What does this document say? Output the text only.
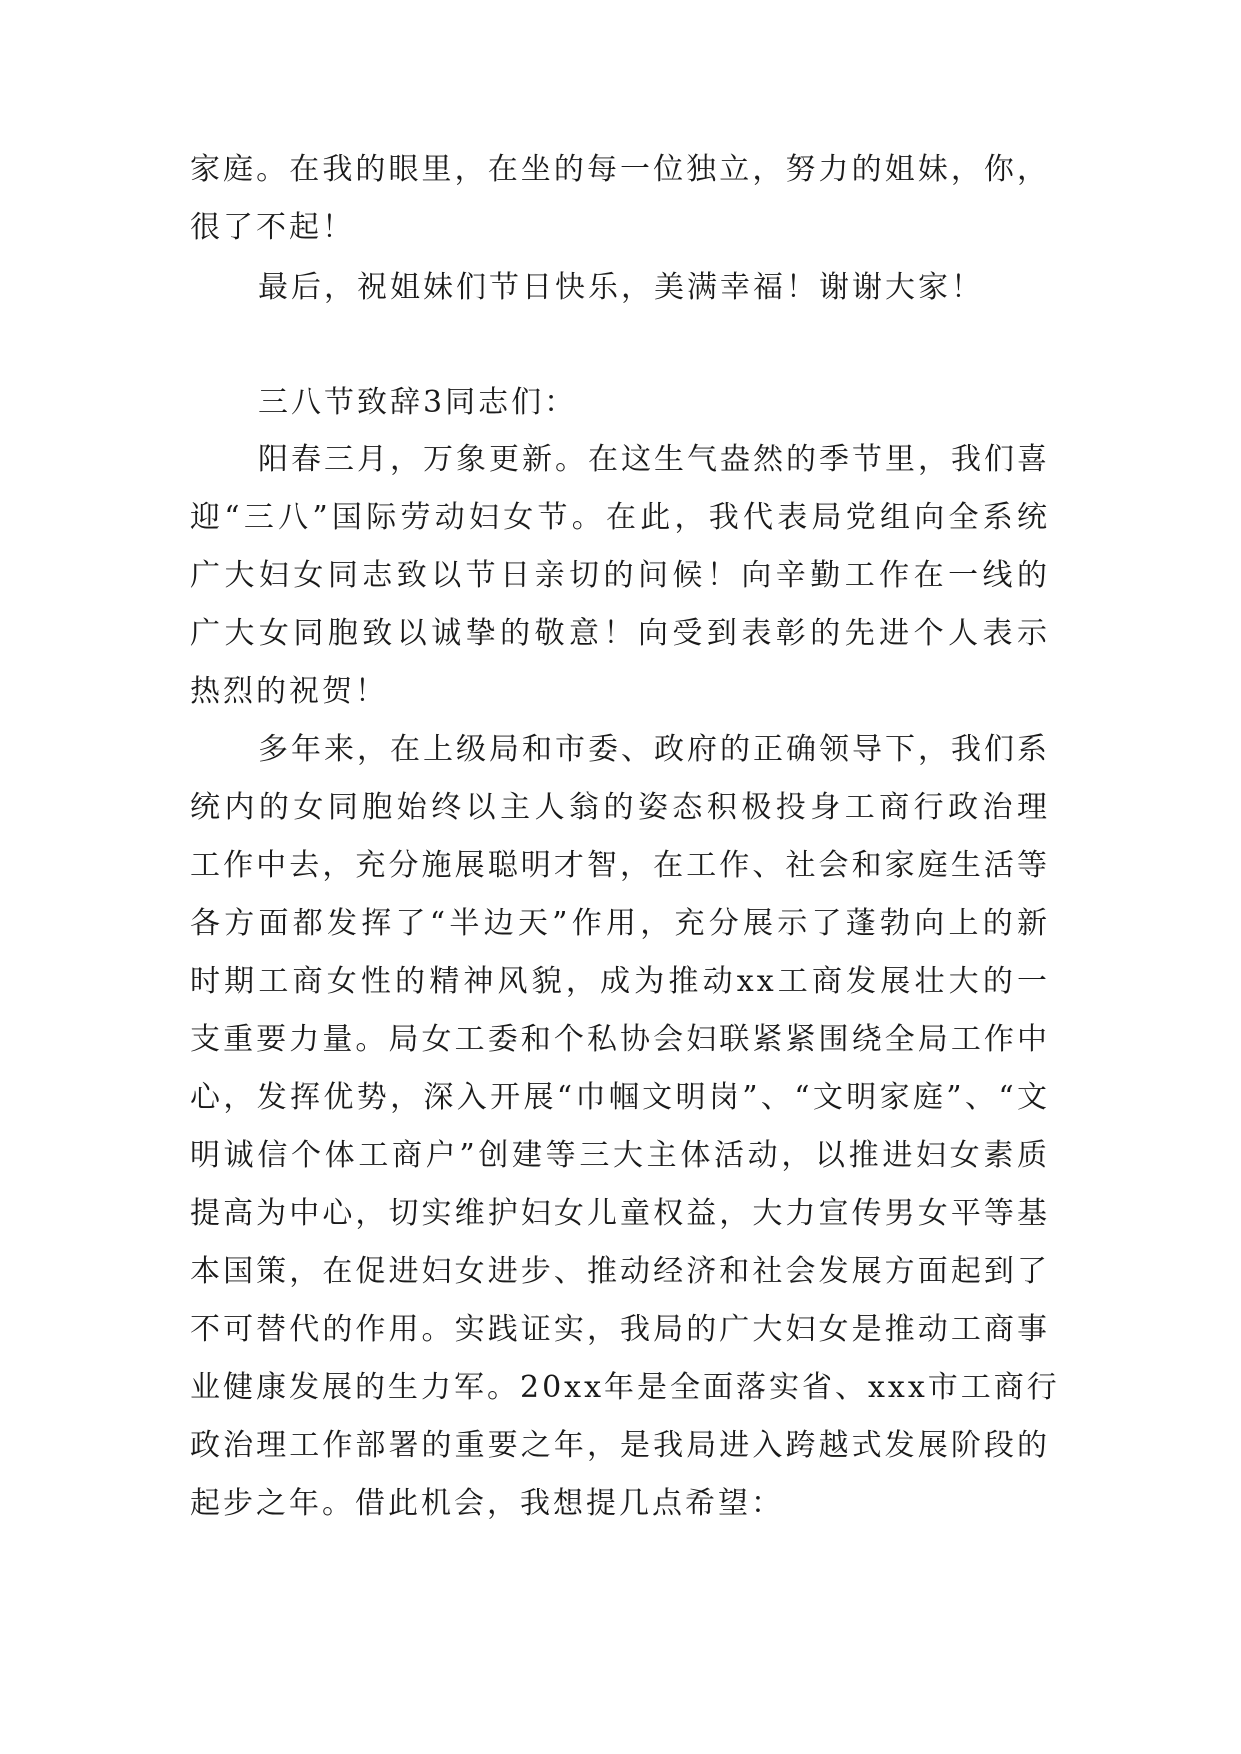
家庭。在我的眼里，在坐的每一位独立，努力的姐妹，你，
很了不起！
最后，祝姐妹们节日快乐，美满幸福！谢谢大家！
三八节致辞3同志们：
阳春三月，万象更新。在这生气盎然的季节里，我们喜
迎“三八”国际劳动妇女节。在此，我代表局党组向全系统
广大妇女同志致以节日亲切的问候！向辛勤工作在一线的
广大女同胞致以诚挚的敬意！向受到表彰的先进个人表示
热烈的祝贺！
多年来，在上级局和市委、政府的正确领导下，我们系
统内的女同胞始终以主人翁的姿态积极投身工商行政治理
工作中去，充分施展聪明才智，在工作、社会和家庭生活等
各方面都发挥了“半边天”作用，充分展示了蓬勃向上的新
时期工商女性的精神风貌，成为推动xx工商发展壮大的一
支重要力量。局女工委和个私协会妇联紧紧围绕全局工作中
心，发挥优势，深入开展“巾帼文明岗”、“文明家庭”、“文
明诚信个体工商户”创建等三大主体活动，以推进妇女素质
提高为中心，切实维护妇女儿童权益，大力宣传男女平等基
本国策，在促进妇女进步、推动经济和社会发展方面起到了
不可替代的作用。实践证实，我局的广大妇女是推动工商事
业健康发展的生力军。20xx年是全面落实省、xxx市工商行
政治理工作部署的重要之年，是我局进入跨越式发展阶段的
起步之年。借此机会，我想提几点希望：
